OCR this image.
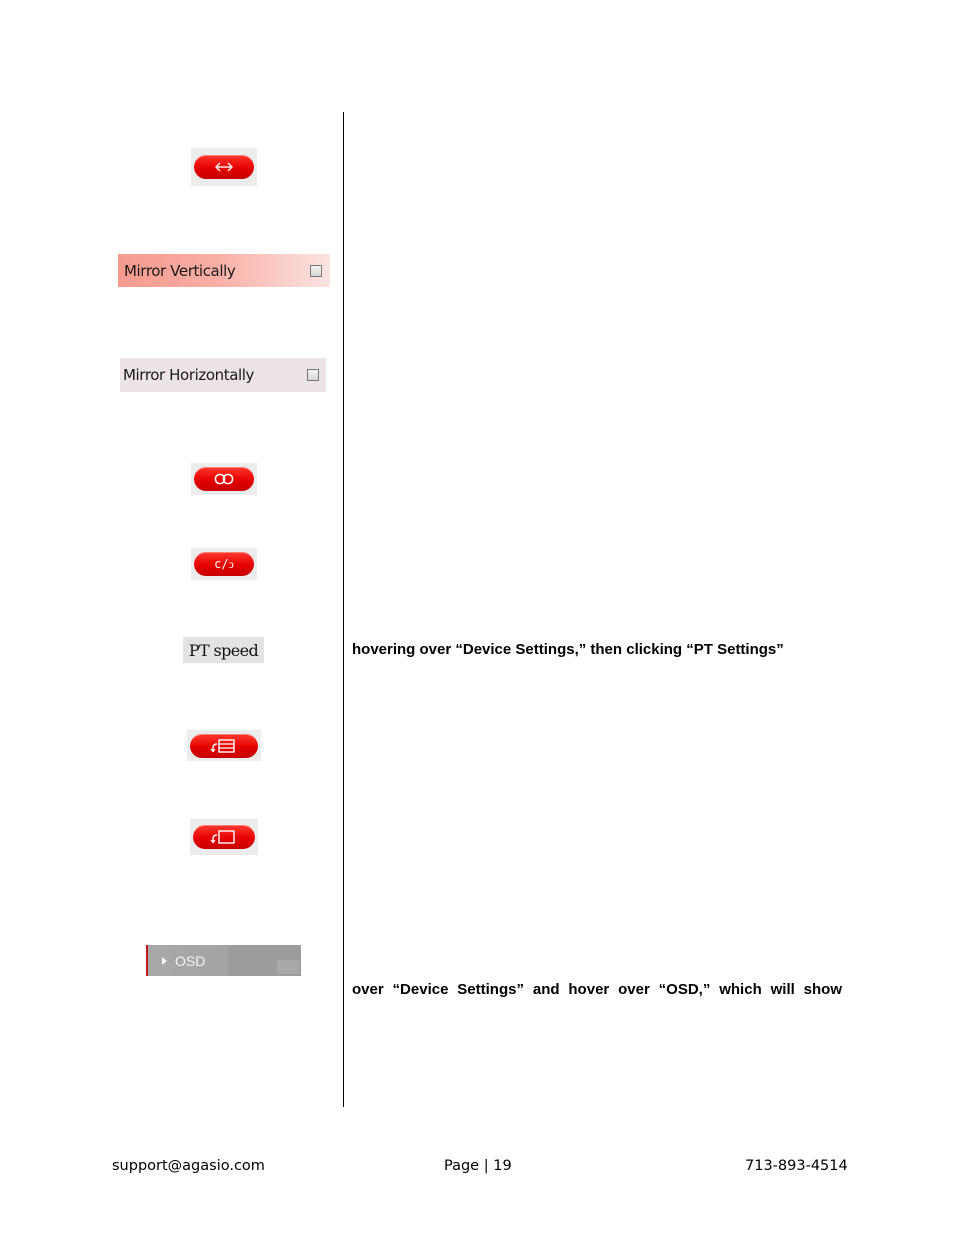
Mirror Vertically
Mirror Horizontally
c/ↄ
PT speed
OSD
hovering over “Device Settings,” then clicking “PT Settings”
over “Device Settings” and hover over “OSD,” which will show
support@agasio.com	Page | 19	713-893-4514
